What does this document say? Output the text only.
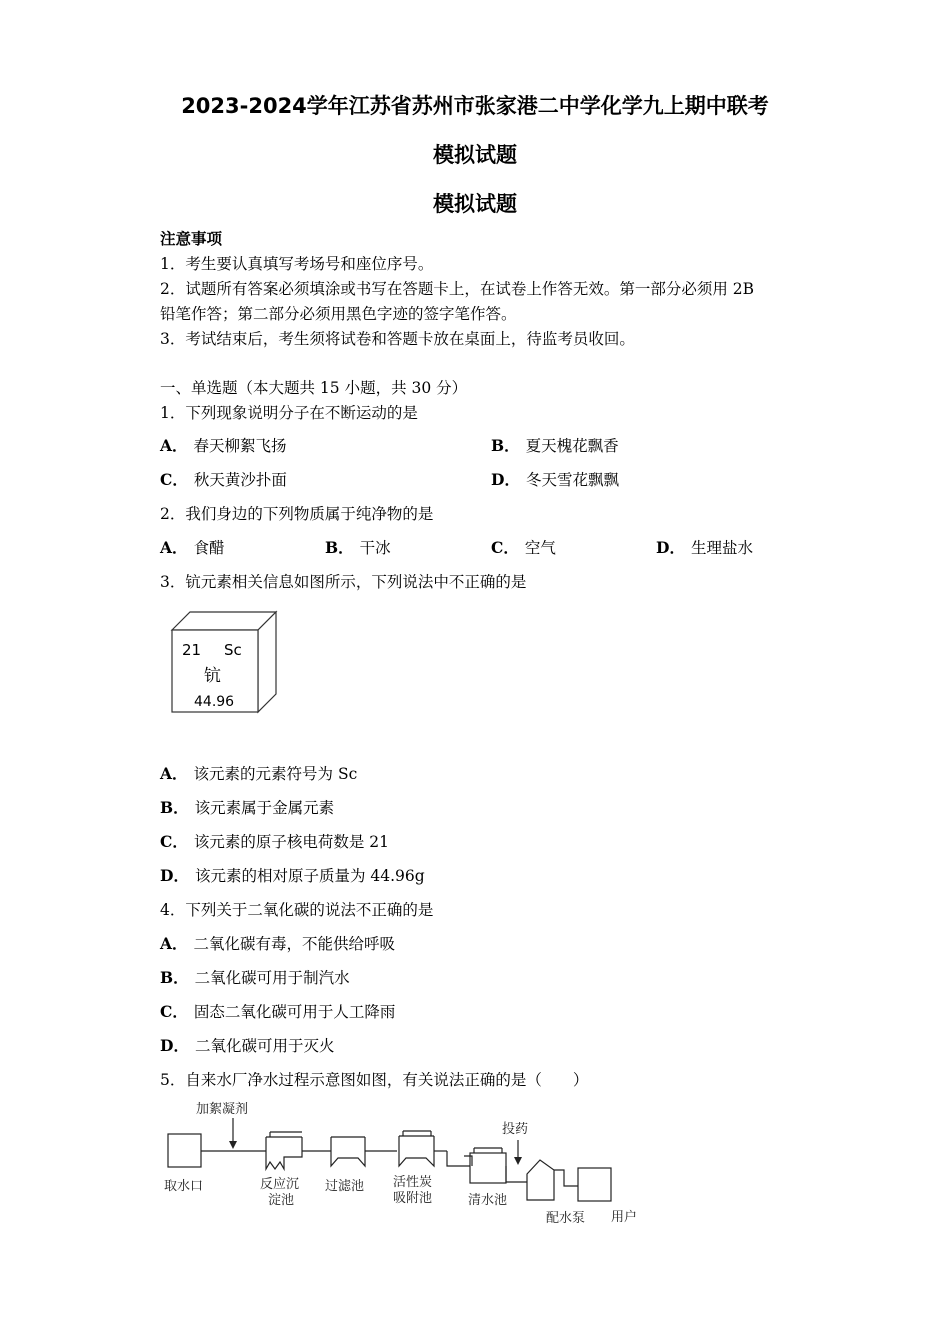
2023-2024学年江苏省苏州市张家港二中学化学九上期中联考
模拟试题
模拟试题
注意事项
1．考生要认真填写考场号和座位序号。
2．试题所有答案必须填涂或书写在答题卡上，在试卷上作答无效。第一部分必须用 2B
铅笔作答；第二部分必须用黑色字迹的签字笔作答。
3．考试结束后，考生须将试卷和答题卡放在桌面上，待监考员收回。
一、单选题（本大题共 15 小题，共 30 分）
1．下列现象说明分子在不断运动的是
A． 春天柳絮飞扬	B． 夏天槐花飘香
C． 秋天黄沙扑面	D． 冬天雪花飘飘
2．我们身边的下列物质属于纯净物的是
A． 食醋	B． 干冰	C． 空气	D． 生理盐水
3．钪元素相关信息如图所示，下列说法中不正确的是
21 Sc
钪
44.96
A． 该元素的元素符号为 Sc
B． 该元素属于金属元素
C． 该元素的原子核电荷数是 21
D． 该元素的相对原子质量为 44.96g
4．下列关于二氧化碳的说法不正确的是
A． 二氧化碳有毒，不能供给呼吸
B． 二氧化碳可用于制汽水
C． 固态二氧化碳可用于人工降雨
D． 二氧化碳可用于灭火
5．自来水厂净水过程示意图如图，有关说法正确的是（　　）
加絮凝剂
投药
取水口	反应沉
淀池
过滤池 活性炭
吸附池	清水池
配水泵 用户
